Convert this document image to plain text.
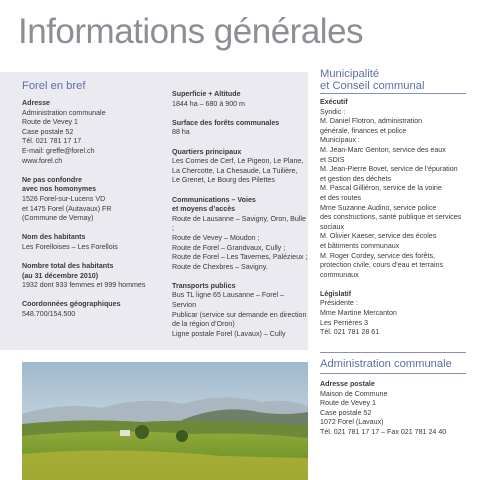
Informations générales
Forel en bref

Adresse

Administration communale

Route de Vevey 1

Case postale 52

Tél. 021 781 17 17

E-mail: greffe@forel.ch

www.forel.ch

Ne pas confondre

avec nos homonymes

1526 Forel-sur-Lucens VD

et 1475 Forel (Autavaux) FR

(Commune de Vernay)

Nom des habitants

Les Forelloises – Les Forellois

Nombre total des habitants

(au 31 décembre 2010)

1932 dont 933 femmes et 999 hommes

Coordonnées géographiques

548.700/154.500

Superficie + Altitude

1844 ha – 680 à 900 m

Surface des forêts communales

88 ha

Quartiers principaux

Les Cornes de Cerf, Le Pigeon, Le Plane,

La Chercotte, La Chesaude, La Tuilière,

Le Grenet, Le Bourg des Pilettes

Communications – Voies

et moyens d’accès

Route de Lausanne – Savigny, Oron, Bulle ;

Route de Vevey – Moudon ;

Route de Forel – Grandvaux, Cully ;

Route de Forel – Les Tavernes, Palézieux ;

Route de Chexbres – Savigny.

Transports publics

Bus TL ligne 65 Lausanne – Forel – Servion

Publicar (service sur demande en direction

de la région d’Oron)

Ligne postale Forel (Lavaux) – Cully

Municipalité
et Conseil communal

Exécutif

Syndic :

M. Daniel Flotron, administration

générale, finances et police

Municipaux :

M. Jean-Marc Genton, service des eaux

et SDIS

M. Jean-Pierre Bovet, service de l’épuration

et gestion des déchets

M. Pascal Gilliéron, service de la voirie

et des routes

Mme Suzanne Audino, service police

des constructions, santé publique et services

sociaux

M. Olivier Kaeser, service des écoles

et bâtiments communaux

M. Roger Cordey, service des forêts,

protection civile, cours d’eau et terrains

communaux

Législatif

Présidente :

Mme Martine Mercanton

Les Perrières 3

Tél. 021 781 28 61

Administration communale

Adresse postale

Maison de Commune

Route de Vevey 1

Case postale 52

1072 Forel (Lavaux)

Tél. 021 781 17 17 – Fax 021 781 24 40
